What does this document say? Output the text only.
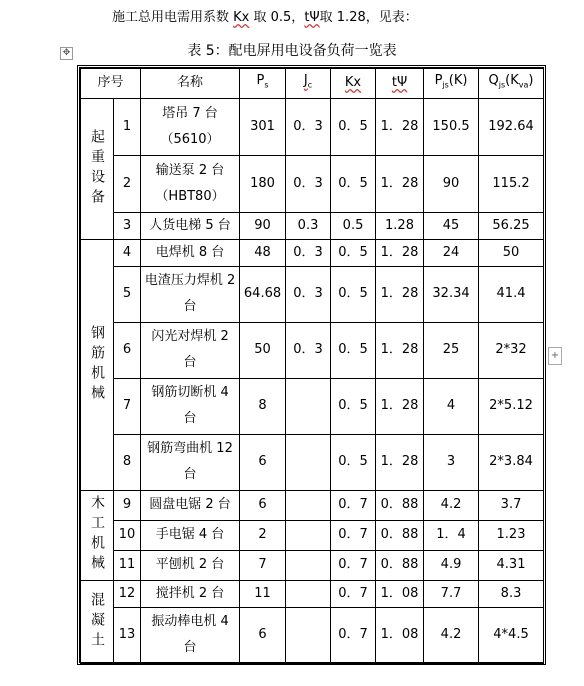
施工总用电需用系数 Kx 取 0.5，tΨ取 1.28，见表：
✥	表 5：配电屏用电设备负荷一览表
+
序号		名称	$P_s$	$J_c$	Kx	tΨ	$P_{js}(K)$	$Q_{js}(K_{va})$
起重设备	1	塔吊 7 台（5610）	301	0．3	0．5	1．28	150.5	192.64
	2	输送泵 2 台（HBT80）	180	0．3	0．5	1．28	90	115.2
	3	人货电梯 5 台	90	0.3	0.5	1.28	45	56.25
钢筋机械	4	电焊机 8 台	48	0．3	0．5	1．28	24	50
	5	电渣压力焊机 2 台	64.68	0．3	0．5	1．28	32.34	41.4
	6	闪光对焊机 2 台	50	0．3	0．5	1．28	25	2*32
	7	钢筋切断机 4 台	8		0．5	1．28	4	2*5.12
	8	钢筋弯曲机 12 台	6		0．5	1．28	3	2*3.84
木工机械	9	圆盘电锯 2 台	6		0．7	0．88	4.2	3.7
	10	手电锯 4 台	2		0．7	0．88	1．4	1.23
	11	平刨机 2 台	7		0．7	0．88	4.9	4.31
混凝土	12	搅拌机 2 台	11		0．7	1．08	7.7	8.3
	13	振动棒电机 4 台	6		0．7	1．08	4.2	4*4.5
